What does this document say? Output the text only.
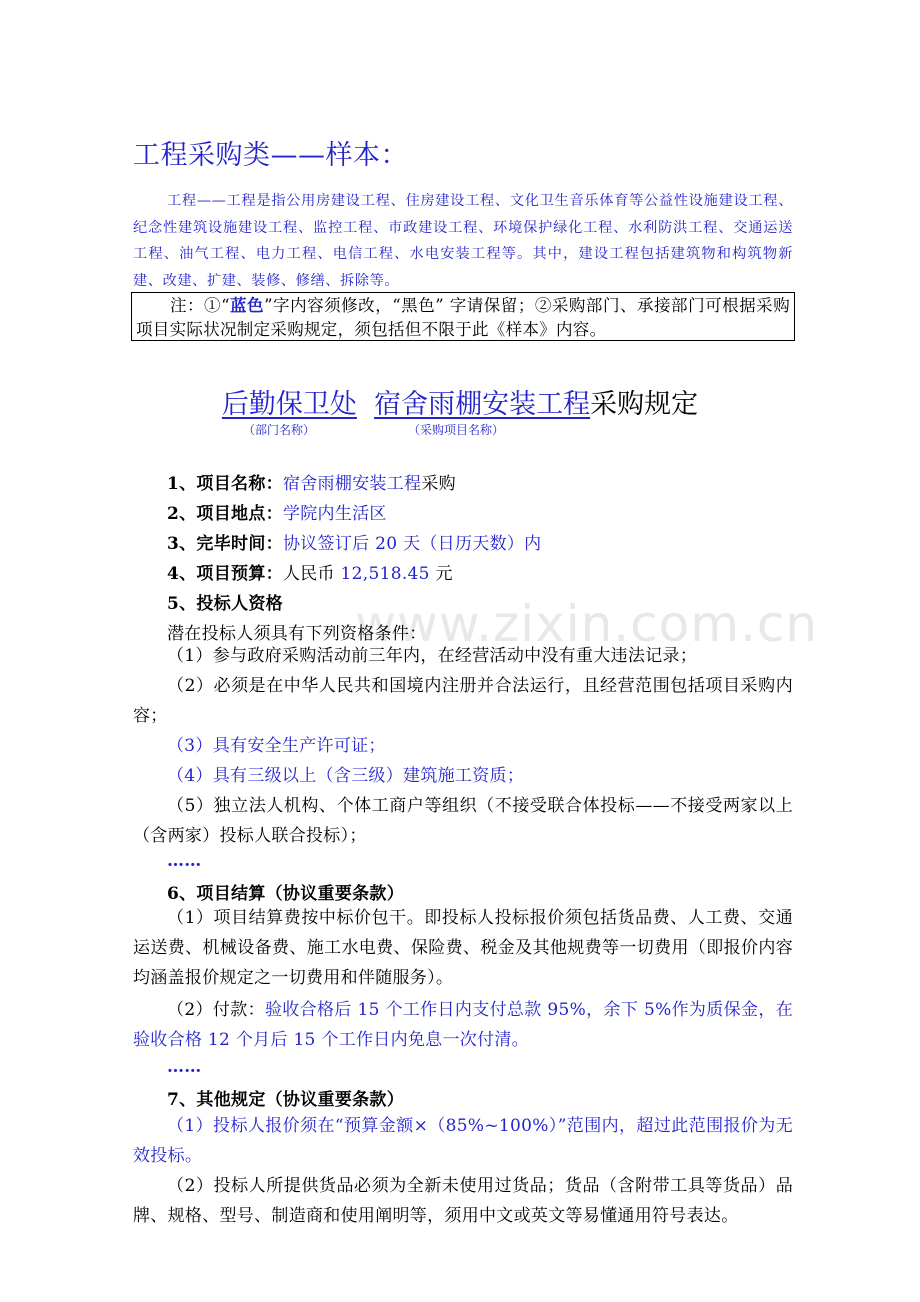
工程采购类——样本：
工程——工程是指公用房建设工程、住房建设工程、文化卫生音乐体育等公益性设施建设工程、纪念性建筑设施建设工程、监控工程、市政建设工程、环境保护绿化工程、水利防洪工程、交通运送工程、油气工程、电力工程、电信工程、水电安装工程等。其中，建设工程包括建筑物和构筑物新建、改建、扩建、装修、修缮、拆除等。
注：①“蓝色”字内容须修改，“黑色” 字请保留；②采购部门、承接部门可根据采购项目实际状况制定采购规定，须包括但不限于此《样本》内容。
后勤保卫处 宿舍雨棚安装工程采购规定
（部门名称）	（采购项目名称）
www.zixin.com.cn
1、项目名称：宿舍雨棚安装工程采购
2、项目地点：学院内生活区
3、完毕时间：协议签订后 20 天（日历天数）内
4、项目预算：人民币 12,518.45 元
5、投标人资格
潜在投标人须具有下列资格条件：
（1）参与政府采购活动前三年内，在经营活动中没有重大违法记录；
（2）必须是在中华人民共和国境内注册并合法运行，且经营范围包括项目采购内容；
（3）具有安全生产许可证；
（4）具有三级以上（含三级）建筑施工资质；
（5）独立法人机构、个体工商户等组织（不接受联合体投标——不接受两家以上（含两家）投标人联合投标）；
……
6、项目结算（协议重要条款）
（1）项目结算费按中标价包干。即投标人投标报价须包括货品费、人工费、交通运送费、机械设备费、施工水电费、保险费、税金及其他规费等一切费用（即报价内容均涵盖报价规定之一切费用和伴随服务）。
（2）付款：验收合格后 15 个工作日内支付总款 95%，余下 5%作为质保金，在验收合格 12 个月后 15 个工作日内免息一次付清。
……
7、其他规定（协议重要条款）
（1）投标人报价须在“预算金额×（85%~100%）”范围内，超过此范围报价为无效投标。
（2）投标人所提供货品必须为全新未使用过货品；货品（含附带工具等货品）品牌、规格、型号、制造商和使用阐明等，须用中文或英文等易懂通用符号表达。
